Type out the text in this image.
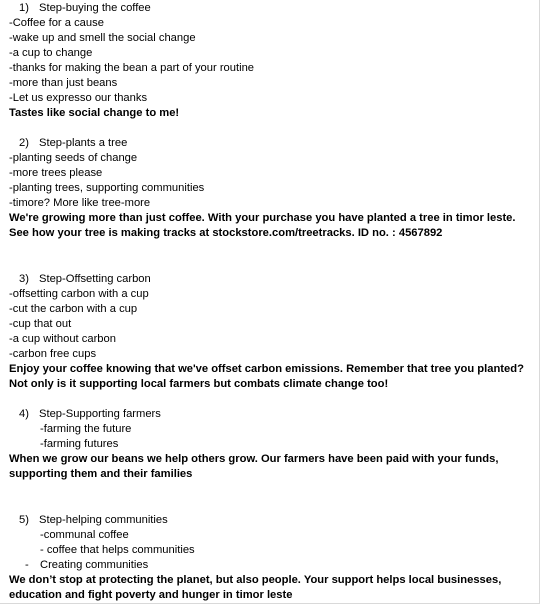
1) Step-buying the coffee
-Coffee for a cause
-wake up and smell the social change
-a cup to change
-thanks for making the bean a part of your routine
-more than just beans
-Let us expresso our thanks
Tastes like social change to me!
2) Step-plants a tree
-planting seeds of change
-more trees please
-planting trees, supporting communities
-timore? More like tree-more
We're growing more than just coffee. With your purchase you have planted a tree in timor leste. See how your tree is making tracks at stockstore.com/treetracks. ID no. : 4567892
3) Step-Offsetting carbon
-offsetting carbon with a cup
-cut the carbon with a cup
-cup that out
-a cup without carbon
-carbon free cups
Enjoy your coffee knowing that we've offset carbon emissions. Remember that tree you planted? Not only is it supporting local farmers but combats climate change too!
4) Step-Supporting farmers
-farming the future
-farming futures
When we grow our beans we help others grow. Our farmers have been paid with your funds, supporting them and their families
5) Step-helping communities
-communal coffee
- coffee that helps communities
- Creating communities
We don’t stop at protecting the planet, but also people. Your support helps local businesses, education and fight poverty and hunger in timor leste
